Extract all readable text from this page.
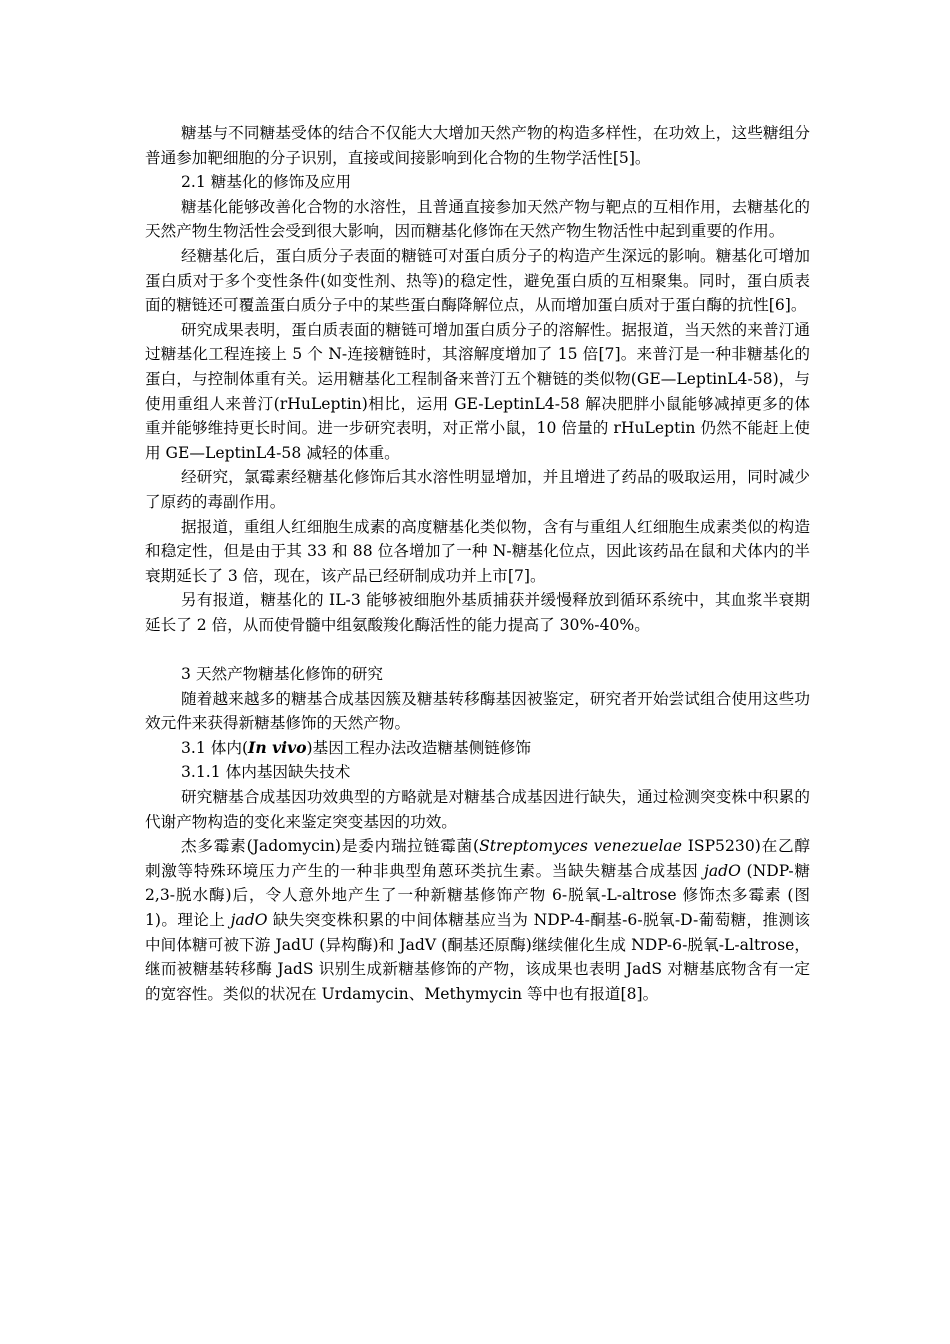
糖基与不同糖基受体的结合不仅能大大增加天然产物的构造多样性，在功效上，这些糖组分普通参加靶细胞的分子识别，直接或间接影响到化合物的生物学活性[5]。

2.1 糖基化的修饰及应用

糖基化能够改善化合物的水溶性，且普通直接参加天然产物与靶点的互相作用，去糖基化的天然产物生物活性会受到很大影响，因而糖基化修饰在天然产物生物活性中起到重要的作用。

经糖基化后，蛋白质分子表面的糖链可对蛋白质分子的构造产生深远的影响。糖基化可增加蛋白质对于多个变性条件(如变性剂、热等)的稳定性，避免蛋白质的互相聚集。同时，蛋白质表面的糖链还可覆盖蛋白质分子中的某些蛋白酶降解位点，从而增加蛋白质对于蛋白酶的抗性[6]。

研究成果表明，蛋白质表面的糖链可增加蛋白质分子的溶解性。据报道，当天然的来普汀通过糖基化工程连接上 5 个 N-连接糖链时，其溶解度增加了 15 倍[7]。来普汀是一种非糖基化的蛋白，与控制体重有关。运用糖基化工程制备来普汀五个糖链的类似物(GE—LeptinL4-58)，与使用重组人来普汀(rHuLeptin)相比，运用 GE-LeptinL4-58 解决肥胖小鼠能够减掉更多的体重并能够维持更长时间。进一步研究表明，对正常小鼠，10 倍量的 rHuLeptin 仍然不能赶上使用 GE—LeptinL4-58 减轻的体重。

经研究，氯霉素经糖基化修饰后其水溶性明显增加，并且增进了药品的吸取运用，同时减少了原药的毒副作用。

据报道，重组人红细胞生成素的高度糖基化类似物，含有与重组人红细胞生成素类似的构造和稳定性，但是由于其 33 和 88 位各增加了一种 N-糖基化位点，因此该药品在鼠和犬体内的半衰期延长了 3 倍，现在，该产品已经研制成功并上市[7]。

另有报道，糖基化的 IL-3 能够被细胞外基质捕获并缓慢释放到循环系统中，其血浆半衰期延长了 2 倍，从而使骨髓中组氨酸羧化酶活性的能力提高了 30%-40%。

3 天然产物糖基化修饰的研究

随着越来越多的糖基合成基因簇及糖基转移酶基因被鉴定，研究者开始尝试组合使用这些功效元件来获得新糖基修饰的天然产物。

3.1 体内(In vivo)基因工程办法改造糖基侧链修饰

3.1.1 体内基因缺失技术

研究糖基合成基因功效典型的方略就是对糖基合成基因进行缺失，通过检测突变株中积累的代谢产物构造的变化来鉴定突变基因的功效。

杰多霉素(Jadomycin)是委内瑞拉链霉菌(Streptomyces venezuelae ISP5230)在乙醇刺激等特殊环境压力产生的一种非典型角蒽环类抗生素。当缺失糖基合成基因 jadO (NDP-糖 2,3-脱水酶)后，令人意外地产生了一种新糖基修饰产物 6-脱氧-L-altrose 修饰杰多霉素 (图 1)。理论上 jadO 缺失突变株积累的中间体糖基应当为 NDP-4-酮基-6-脱氧-D-葡萄糖，推测该中间体糖可被下游 JadU (异构酶)和 JadV (酮基还原酶)继续催化生成 NDP-6-脱氧-L-altrose，继而被糖基转移酶 JadS 识别生成新糖基修饰的产物，该成果也表明 JadS 对糖基底物含有一定的宽容性。类似的状况在 Urdamycin、Methymycin 等中也有报道[8]。
